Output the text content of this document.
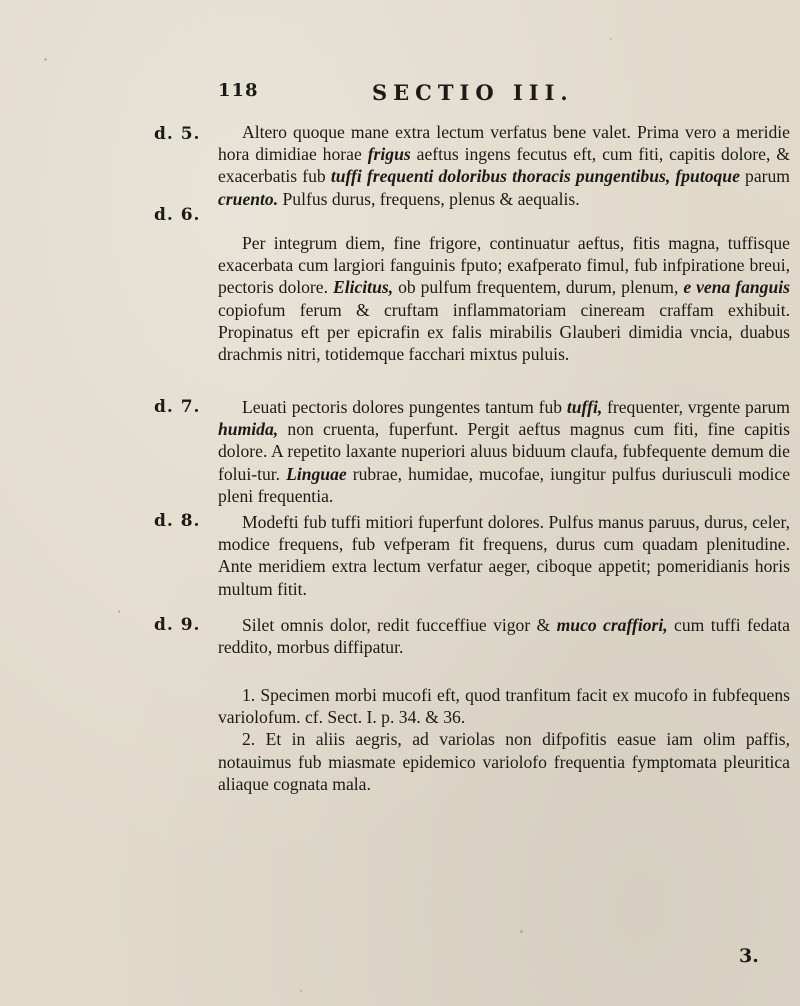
118	SECTIO III.
d. 5.
d. 6.
d. 7.
d. 8.
d. 9.

Altero quoque mane extra lectum verfatus bene valet. Prima vero a meridie hora dimidiae horae frigus aeftus ingens fecutus eft, cum fiti, capitis dolore, & exacerbatis fub tuffi frequenti doloribus thoracis pungentibus, fputoque parum cruento. Pulfus durus, frequens, plenus & aequalis.

Per integrum diem, fine frigore, continuatur aeftus, fitis magna, tuffisque exacerbata cum largiori fanguinis fputo; exafperato fimul, fub infpiratione breui, pectoris dolore. Elicitus, ob pulfum frequentem, durum, plenum, e vena fanguis copiofum ferum & cruftam inflammatoriam cineream craffam exhibuit. Propinatus eft per epicrafin ex falis mirabilis Glauberi dimidia vncia, duabus drachmis nitri, totidemque facchari mixtus puluis.

Leuati pectoris dolores pungentes tantum fub tuffi, frequenter, vrgente parum humida, non cruenta, fuperfunt. Pergit aeftus magnus cum fiti, fine capitis dolore. A repetito laxante nuperiori aluus biduum claufa, fubfequente demum die folui-tur. Linguae rubrae, humidae, mucofae, iungitur pulfus duriusculi modice pleni frequentia.

Modefti fub tuffi mitiori fuperfunt dolores. Pulfus manus paruus, durus, celer, modice frequens, fub vefperam fit frequens, durus cum quadam plenitudine. Ante meridiem extra lectum verfatur aeger, ciboque appetit; pomeridianis horis multum fitit.

Silet omnis dolor, redit fucceffiue vigor & muco craffiori, cum tuffi fedata reddito, morbus diffipatur.

1. Specimen morbi mucofi eft, quod tranfitum facit ex mucofo in fubfequens variolofum. cf. Sect. I. p. 34. & 36.

2. Et in aliis aegris, ad variolas non difpofitis easue iam olim paffis, notauimus fub miasmate epidemico variolofo frequentia fymptomata pleuritica aliaque cognata mala.

3.
